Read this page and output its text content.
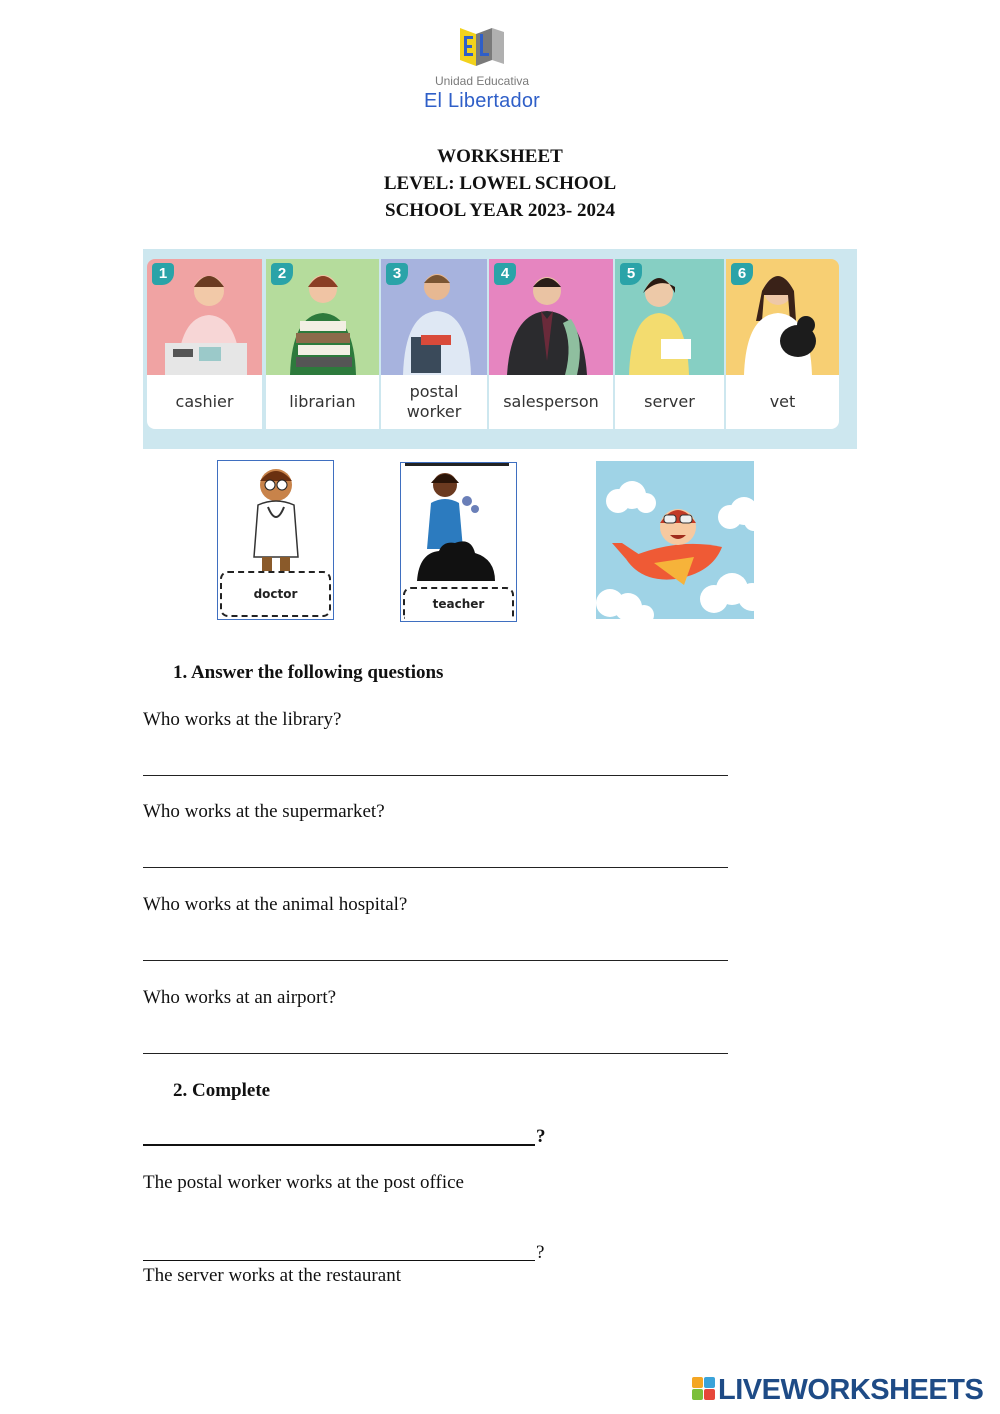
Unidad Educativa
El Libertador
WORKSHEET
LEVEL: LOWEL SCHOOL
SCHOOL YEAR 2023- 2024
1
cashier
2
librarian
3
postal
worker
4
salesperson
5
server
6
vet
doctor
teacher
1. Answer the following questions
Who works at the library?
Who works at the supermarket?
Who works at the animal hospital?
Who works at an airport?
2. Complete
?
The postal worker works at the post office
?
The server works at the restaurant
LIVEWORKSHEETS
